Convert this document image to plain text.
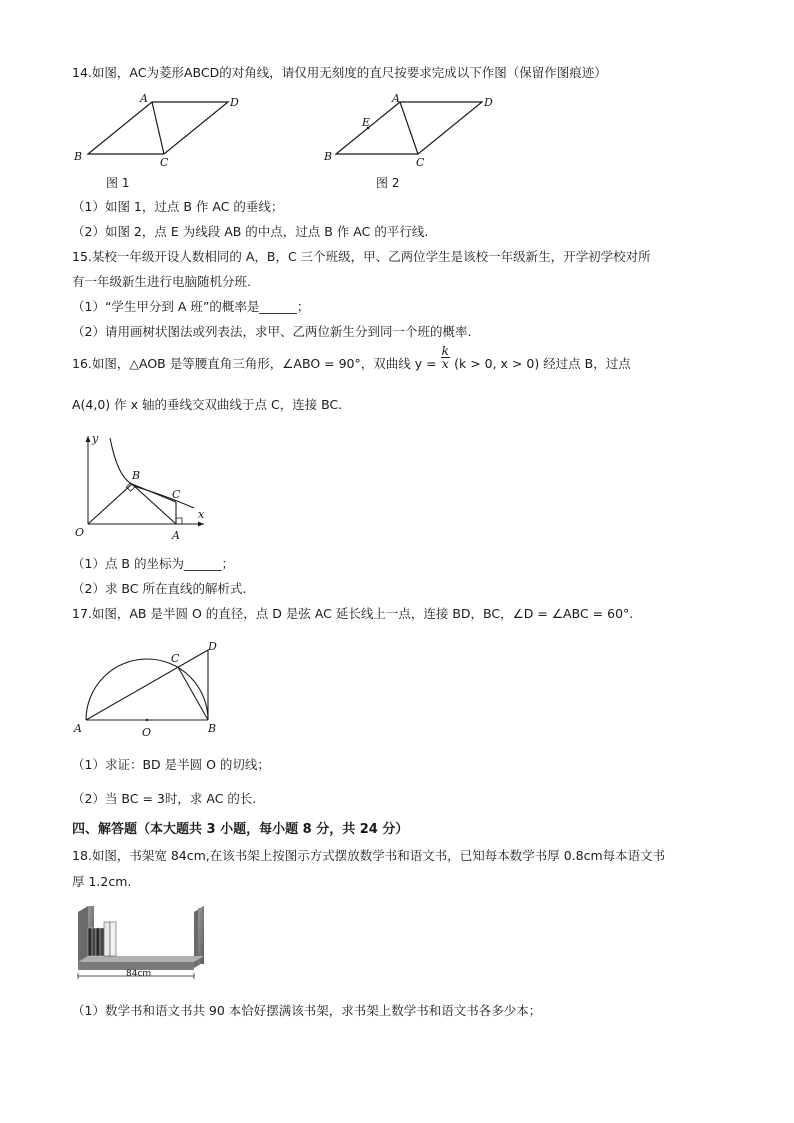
14.如图，AC为菱形ABCD的对角线，请仅用无刻度的直尺按要求完成以下作图（保留作图痕迹）
A	D
B	C
图 1
A	D
E
B	C
图 2
（1）如图 1，过点 B 作 AC 的垂线；
（2）如图 2，点 E 为线段 AB 的中点，过点 B 作 AC 的平行线.
15.某校一年级开设人数相同的 A，B，C 三个班级，甲、乙两位学生是该校一年级新生，开学初学校对所
有一年级新生进行电脑随机分班.
（1）“学生甲分到 A 班”的概率是______；
（2）请用画树状图法或列表法，求甲、乙两位新生分到同一个班的概率.
16.如图，△AOB 是等腰直角三角形，∠ABO = 90°，双曲线 $y = \frac{k}{x} (k > 0$, x > 0) 经过点 B，过点
A(4,0) 作 x 轴的垂线交双曲线于点 C，连接 BC.
y
x
O	A
B
C
（1）点 B 的坐标为______；
（2）求 BC 所在直线的解析式.
17.如图，AB 是半圆 O 的直径，点 D 是弦 AC 延长线上一点，连接 BD，BC，∠D = ∠ABC = 60°.
A	O	B
C
D
（1）求证：BD 是半圆 O 的切线；
（2）当 BC = 3时，求 AC 的长.
四、解答题（本大题共 3 小题，每小题 8 分，共 24 分）
18.如图，书架宽 84cm,在该书架上按图示方式摆放数学书和语文书，已知每本数学书厚 0.8cm每本语文书
厚 1.2cm.
84cm
（1）数学书和语文书共 90 本恰好摆满该书架，求书架上数学书和语文书各多少本；
